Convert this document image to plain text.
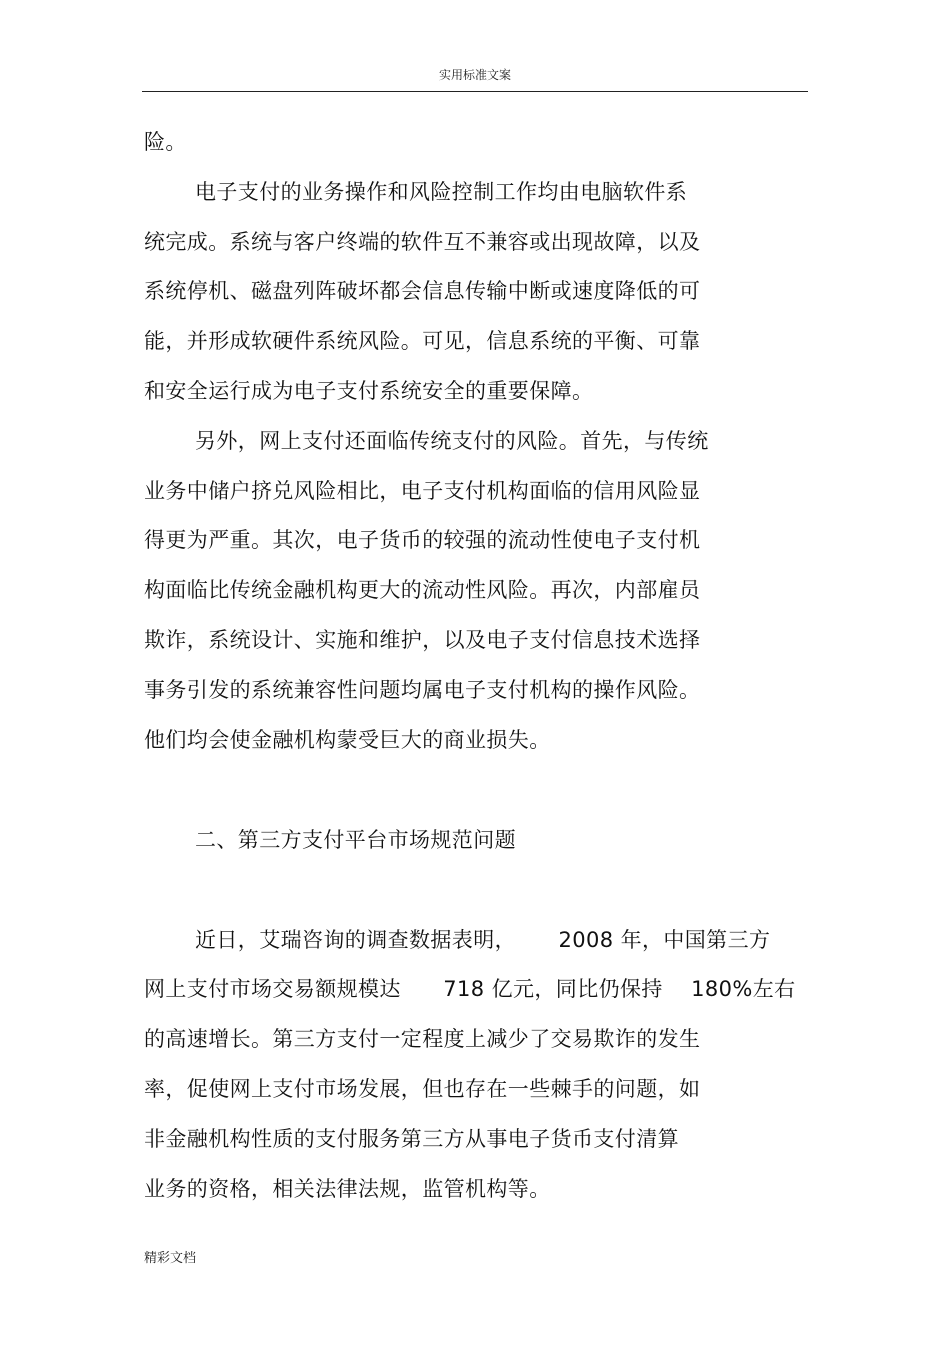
实用标准文案
险。
电子支付的业务操作和风险控制工作均由电脑软件系
统完成。系统与客户终端的软件互不兼容或出现故障，以及
系统停机、磁盘列阵破坏都会信息传输中断或速度降低的可
能，并形成软硬件系统风险。可见，信息系统的平衡、可靠
和安全运行成为电子支付系统安全的重要保障。
另外，网上支付还面临传统支付的风险。首先，与传统
业务中储户挤兑风险相比，电子支付机构面临的信用风险显
得更为严重。其次，电子货币的较强的流动性使电子支付机
构面临比传统金融机构更大的流动性风险。再次，内部雇员
欺诈，系统设计、实施和维护，以及电子支付信息技术选择
事务引发的系统兼容性问题均属电子支付机构的操作风险。
他们均会使金融机构蒙受巨大的商业损失。
二、第三方支付平台市场规范问题
近日，艾瑞咨询的调查数据表明，      2008 年，中国第三方
网上支付市场交易额规模达      718 亿元，同比仍保持    180%左右
的高速增长。第三方支付一定程度上减少了交易欺诈的发生
率，促使网上支付市场发展，但也存在一些棘手的问题，如
非金融机构性质的支付服务第三方从事电子货币支付清算
业务的资格，相关法律法规，监管机构等。
精彩文档
